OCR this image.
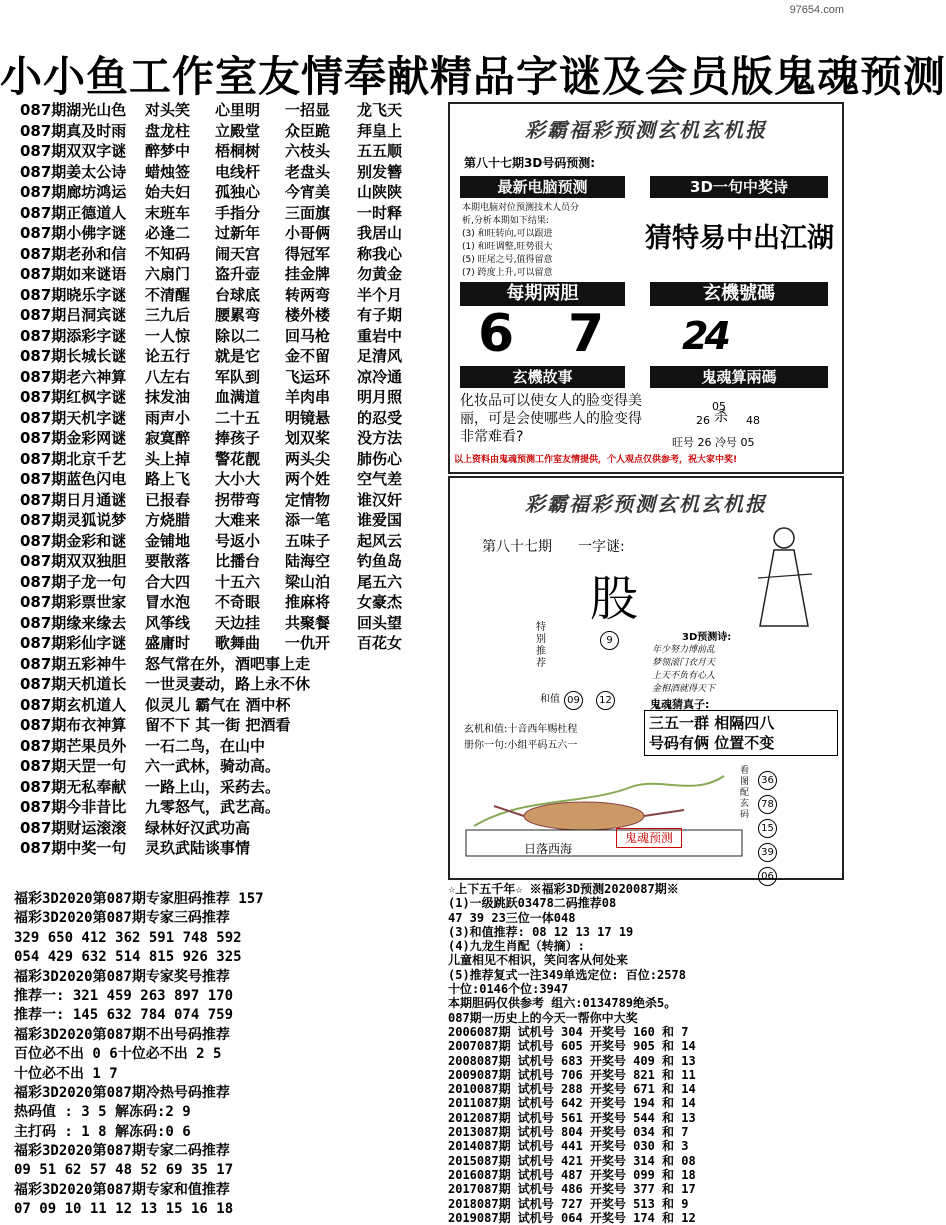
97654.com
小小鱼工作室友情奉献精品字谜及会员版鬼魂预测
087期湖光山色 对头笑 心里明 一招显 龙飞天
087期真及时雨 盘龙柱 立殿堂 众臣跪 拜皇上
087期双双字谜 醉梦中 梧桐树 六枝头 五五顺
087期姜太公诗 蜡烛签 电线杆 老盘头 别发簪
087期廊坊鸿运 始夫妇 孤独心 今宵美 山陕陕
087期正德道人 末班车 手指分 三面旗 一时释
087期小佛字谜 必逢二 过新年 小哥俩 我居山
087期老孙和信 不知码 闹天宫 得冠军 称我心
087期如来谜语 六扇门 盗升壶 挂金牌 勿黄金
087期晓乐字谜 不清醒 台球底 转两弯 半个月
087期吕洞宾谜 三九后 腰累弯 楼外楼 有子期
087期添彩字谜 一人惊 除以二 回马枪 重岩中
087期长城长谜 论五行 就是它 金不留 足清风
087期老六神算 八左右 军队到 飞运环 凉冷通
087期红枫字谜 抹发油 血满道 羊肉串 明月照
087期天机字谜 雨声小 二十五 明镜悬 的忍受
087期金彩网谜 寂寞醉 捧孩子 划双桨 没方法
087期北京千艺 头上掉 警花靓 两头尖 肺伤心
087期蓝色闪电 路上飞 大小大 两个姓 空气差
087期日月通谜 已报春 拐带弯 定情物 谁汉奸
087期灵狐说梦 方烧腊 大难来 添一笔 谁爱国
087期金彩和谜 金铺地 号返小 五味子 起风云
087期双双独胆 要散落 比播台 陆海空 钓鱼岛
087期子龙一句 合大四 十五六 梁山泊 尾五六
087期彩票世家 冒水泡 不奇眼 推麻将 女豪杰
087期缘来缘去 风筝线 天边挂 共聚餐 回头望
087期彩仙字谜 盛庸时 歌舞曲 一仇开 百花女
087期五彩神牛 怒气常在外，酒吧事上走
087期天机道长 一世灵妻动，路上永不休
087期玄机道人 似灵儿 霸气在 酒中杯
087期布衣神算 留不下 其一街 把酒看
087期芒果员外 一石二鸟，在山中
087期天罡一句 六一武林，骑动高。
087期无私奉献 一路上山，采药去。
087期今非昔比 九零怒气，武艺高。
087期财运滚滚 绿林好汉武功高
087期中奖一句 灵玖武陆谈事情
福彩3D2020第087期专家胆码推荐 157
福彩3D2020第087期专家三码推荐
329 650 412 362 591 748 592
054 429 632 514 815 926 325
福彩3D2020第087期专家奖号推荐
推荐一: 321 459 263 897 170
推荐一: 145 632 784 074 759
福彩3D2020第087期不出号码推荐
百位必不出 0 6十位必不出 2 5
十位必不出 1 7
福彩3D2020第087期冷热号码推荐
热码值 : 3 5 解冻码:2 9
主打码 : 1 8 解冻码:0 6
福彩3D2020第087期专家二码推荐
09 51 62 57 48 52 69 35 17
福彩3D2020第087期专家和值推荐
07 09 10 11 12 13 15 16 18
彩霸福彩预测玄机玄机报
第八十七期3D号码预测:
最新电脑预测	3D一句中奖诗
本期电脑对位预测技术人员分
析,分析本期如下结果:
(3) 和旺转向,可以跟进
(1) 和旺调整,旺势很大
(5) 旺尾之号,值得留意
(7) 跨度上升,可以留意
猜特易中出江湖
每期两胆	玄機號碼
6 7 24
玄機故事	鬼魂算兩碼
化妆品可以使女人的脸变得美丽，可是会使哪些人的脸变得非常难看?
05
26 杀 48
旺号 26 冷号 05
以上资料由鬼魂预测工作室友情提供，个人观点仅供参考，祝大家中奖!
彩霸福彩预测玄机玄机报
第八十七期 一字谜:
股
特别推荐
9
和值 09	12
3D预测诗:
年少努力博前乱
梦领滚门衣月天
上天不负有心人
金相酒就得天下
鬼魂猜真子:
三五一群 相隔四八
号码有俩 位置不变
玄机和值:十音西年赐杜程
册你一句:小组平码五六一
日落西海
鬼魂预测
看图配玄码
36
78
15
39
06
☆上下五千年☆ ※福彩3D预测2020087期※
(1)一级跳跃03478二码推荐08
47 39 23三位一体048
(3)和值推荐: 08 12 13 17 19
(4)九龙生肖配（转摘）:
儿童相见不相识，笑问客从何处来
(5)推荐复式一注349单选定位: 百位:2578
十位:0146个位:3947
本期胆码仅供参考 组六:0134789绝杀5。
087期一历史上的今天一帮你中大奖
2006087期 试机号 304 开奖号 160 和 7
2007087期 试机号 605 开奖号 905 和 14
2008087期 试机号 683 开奖号 409 和 13
2009087期 试机号 706 开奖号 821 和 11
2010087期 试机号 288 开奖号 671 和 14
2011087期 试机号 642 开奖号 194 和 14
2012087期 试机号 561 开奖号 544 和 13
2013087期 试机号 804 开奖号 034 和 7
2014087期 试机号 441 开奖号 030 和 3
2015087期 试机号 421 开奖号 314 和 08
2016087期 试机号 487 开奖号 099 和 18
2017087期 试机号 486 开奖号 377 和 17
2018087期 试机号 727 开奖号 513 和 9
2019087期 试机号 064 开奖号 174 和 12
